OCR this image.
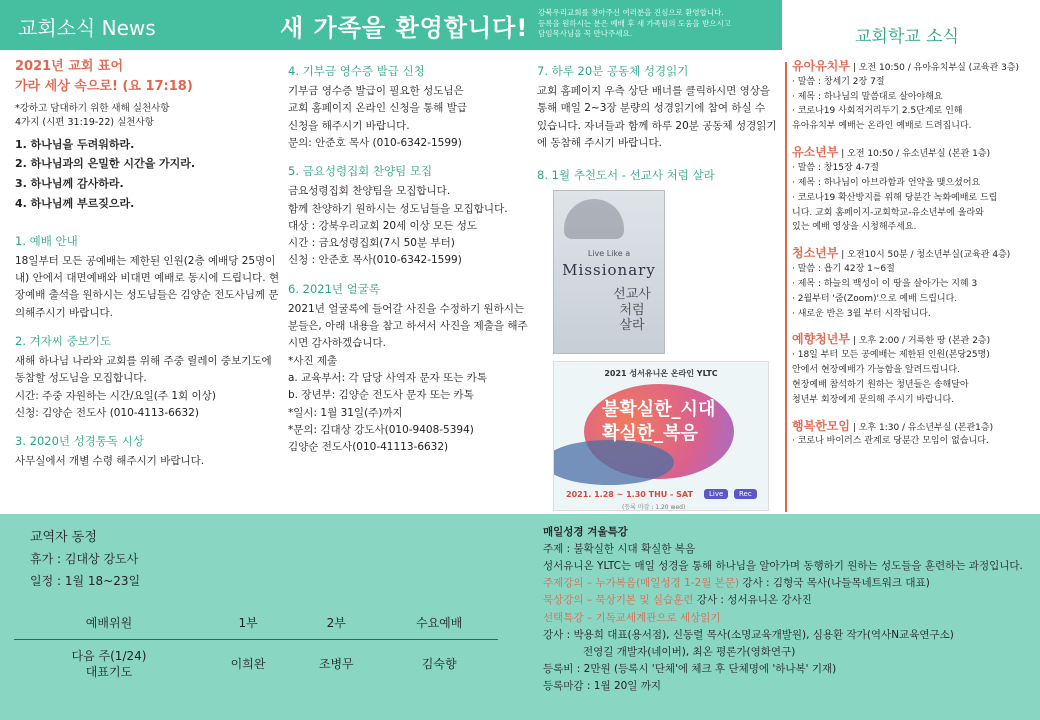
교회소식 News	새 가족을 환영합니다!

강북우리교회를 찾아주신 여러분을 진심으로 환영합니다.
등록을 원하시는 분은 예배 후 새 가족팀의 도움을 받으시고
담임목사님을 꼭 만나주세요.	교회학교 소식
2021년 교회 표어
가라 세상 속으로! (요 17:18)

*강하고 담대하기 위한 새해 실천사항
4가지 (시편 31:19-22) 실천사항

1. 하나님을 두려워하라.
2. 하나님과의 은밀한 시간을 가지라.
3. 하나님께 감사하라.
4. 하나님께 부르짖으라.
1. 예배 안내

18일부터 모든 공예배는 제한된 인원(2층 예배당 25명이내) 안에서 대면예배와 비대면 예배로 동시에 드립니다. 현장예배 출석을 원하시는 성도님들은 김양순 전도사님께 문의해주시기 바랍니다.

2. 겨자씨 중보기도

새해 하나님 나라와 교회를 위해 주중 릴레이 중보기도에 동참할 성도님을 모집합니다.
시간: 주중 자원하는 시간/요일(주 1회 이상)
신청: 김양순 전도사 (010-4113-6632)

3. 2020년 성경통독 시상

사무실에서 개별 수령 해주시기 바랍니다.

4. 기부금 영수증 발급 신청

기부금 영수증 발급이 필요한 성도님은
교회 홈페이지 온라인 신청을 통해 발급
신청을 해주시기 바랍니다.
문의: 안준호 목사 (010-6342-1599)

5. 금요성령집회 찬양팀 모집

금요성령집회 찬양팀을 모집합니다.
함께 찬양하기 원하시는 성도님들을 모집합니다.
대상 : 강북우리교회 20세 이상 모든 성도
시간 : 금요성령집회(7시 50분 부터)
신청 : 안준호 목사(010-6342-1599)

6. 2021년 얼굴록

2021년 얼굴록에 들어갈 사진을 수정하기 원하시는 분들은, 아래 내용을 참고 하셔서 사진을 제출을 해주시면 감사하겠습니다.
*사진 제출
a. 교육부서: 각 담당 사역자 문자 또는 카톡
b. 장년부: 김양순 전도사 문자 또는 카톡
*일시: 1월 31일(주)까지
*문의: 김대상 강도사(010-9408-5394)
김양순 전도사(010-41113-6632)

7. 하루 20분 공동체 성경읽기

교회 홈페이지 우측 상단 배너를 클릭하시면 영상을 통해 매일 2~3장 분량의 성경읽기에 참여 하실 수 있습니다. 자녀들과 함께 하루 20분 공동체 성경읽기에 동참해 주시기 바랍니다.

8. 1월 추천도서 - 선교사 처럼 살라
Live Like a
Missionary

선교사
처럼
살라

2021 성서유니온 온라인 YLTC

불확실한_시대
확실한_복음

2021. 1.28 ~ 1.30 THU - SAT
(등록 마감 : 1.20 wed)
Live	Rec
유아유치부 | 오전 10:50 / 유아유치부실 (교육관 3층)

· 말씀 : 창세기 2장 7절
· 제목 : 하나님의 말씀대로 살아야해요
· 코로나19 사회적거리두기 2.5단계로 인해
유아유치부 예배는 온라인 예배로 드려집니다.

유소년부 | 오전 10:50 / 유소년부실 (본관 1층)

· 말씀 : 창15장 4-7절
· 제목 : 하나님이 아브라함과 언약을 맺으셨어요
· 코로나19 확산방지를 위해 당분간 녹화예배로 드립
니다. 교회 홈페이지-교회학교-유소년부에 올라와
있는 예배 영상을 시청해주세요.

청소년부 | 오전10시 50분 / 청소년부실(교육관 4층)

· 말씀 : 욥기 42장 1~6절
· 제목 : 하늘의 백성이 이 땅을 살아가는 지혜 3
· 2월부터 '줌(Zoom)'으로 예배 드립니다.
· 새로운 반은 3월 부터 시작됩니다.

예향청년부 | 오후 2:00 / 거룩한 땅 (본관 2층)

· 18일 부터 모든 공예배는 제한된 인원(본당25명)
안에서 현장예배가 가능함을 알려드립니다.
현장예배 참석하기 원하는 청년들은 송해달아
청년부 회장에게 문의해 주시기 바랍니다.

행복한모임 | 오후 1:30 / 유소년부실 (본관1층)

· 코로나 바이러스 관계로 당분간 모임이 없습니다.

교역자 동정
휴가 : 김대상 강도사
일정 : 1월 18~23일
예배위원	1부	2부	수요예배
다음 주(1/24)
대표기도	이희완	조병무	김숙향
매일성경 겨울특강
주제 : 불확실한 시대 확실한 복음
성서유니온 YLTC는 매일 성경을 통해 하나님을 알아가며 동행하기 원하는 성도들을 훈련하는 과정입니다.
주제강의 – 누가복음(매일성경 1-2월 본문) 강사 : 김형국 목사(나들목네트워크 대표)
묵상강의 – 묵상기본 및 실습훈련 강사 : 성서유니온 강사진
선택특강 – 기독교세계관으로 세상읽기
강사 : 박용희 대표(용서점), 신동렬 목사(소명교육개발원), 심용환 작가(역사N교육연구소)
전영길 개발자(네이버), 최온 평론가(영화연구)
등록비 : 2만원 (등록시 '단체'에 체크 후 단체명에 '하나복' 기재)
등록마감 : 1월 20일 까지
